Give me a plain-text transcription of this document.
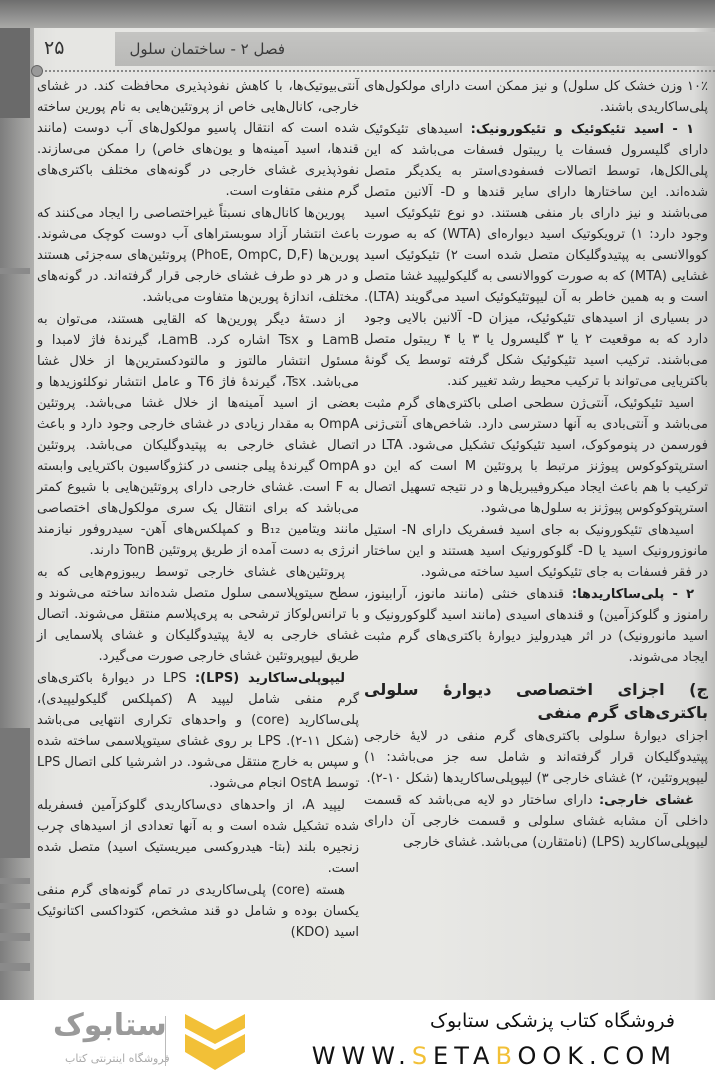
فصل ۲ - ساختمان سلول
۲۵

۱۰٪ وزن خشک کل سلول) و نیز ممکن است دارای مولکول‌های پلی‌ساکاریدی باشند.

۱ - اسید تئیکوئیک و تئیکورونیک: اسیدهای تئیکوئیک دارای گلیسرول فسفات یا ریبتول فسفات می‌باشد که این پلی‌الکل‌ها، توسط اتصالات فسفودی‌استر به یکدیگر متصل شده‌اند. این ساختارها دارای سایر قندها و D- آلانین متصل می‌باشند و نیز دارای بار منفی هستند. دو نوع تئیکوئیک اسید وجود دارد: ۱) ترویکوتیک اسید دیواره‌ای (WTA) که به صورت کووالانسی به پپتیدوگلیکان متصل شده است ۲) تئیکوئیک اسید غشایی (MTA) که به صورت کووالانسی به گلیکولیپید غشا متصل است و به همین خاطر به آن لیپوتئیکوئیک اسید می‌گویند (LTA). در بسیاری از اسیدهای تئیکوئیک، میزان D- آلانین بالایی وجود دارد که به موقعیت ۲ یا ۳ گلیسرول یا ۳ یا ۴ ریبتول متصل می‌باشند. ترکیب اسید تئیکوئیک شکل گرفته توسط یک گونهٔ باکتریایی می‌تواند با ترکیب محیط رشد تغییر کند.

اسید تئیکوئیک، آنتی‌ژن سطحی اصلی باکتری‌های گرم مثبت می‌باشد و آنتی‌بادی به آنها دسترسی دارد. شاخص‌های آنتی‌ژنی فورسمن در پنوموکوک، اسید تئیکوئیک تشکیل می‌شود. LTA در استرپتوکوکوس پیوژنز مرتبط با پروتئین M است که این دو ترکیب با هم باعث ایجاد میکروفیبریل‌ها و در نتیجه تسهیل اتصال استرپتوکوکوس پیوژنز به سلول‌ها می‌شود.

اسیدهای تئیکورونیک به جای اسید فسفریک دارای N- استیل مانوزورونیک اسید یا D- گلوکورونیک اسید هستند و این ساختار در فقر فسفات به جای تئیکوئیک اسید ساخته می‌شود.

۲ - پلی‌ساکاریدها: قندهای خنثی (مانند مانوز، آرابینوز، رامنوز و گلوکزآمین) و قندهای اسیدی (مانند اسید گلوکورونیک و اسید مانورونیک) در اثر هیدرولیز دیوارهٔ باکتری‌های گرم مثبت ایجاد می‌شوند.

ج) اجزای اختصاصی دیوارهٔ سلولی باکتری‌های گرم منفی

اجزای دیوارهٔ سلولی باکتری‌های گرم منفی در لایهٔ خارجی پپتیدوگلیکان قرار گرفته‌اند و شامل سه جز می‌باشد: ۱) لیپوپروتئین، ۲) غشای خارجی ۳) لیپوپلی‌ساکاریدها (شکل ۱۰-۲).

غشای خارجی: دارای ساختار دو لایه می‌باشد که قسمت داخلی آن مشابه غشای سلولی و قسمت خارجی آن دارای لیپوپلی‌ساکارید (LPS) (نامتقارن) می‌باشد. غشای خارجی

آنتی‌بیوتیک‌ها، با کاهش نفوذپذیری محافظت کند. در غشای خارجی، کانال‌هایی خاص از پروتئین‌هایی به نام پورین ساخته شده است که انتقال پاسیو مولکول‌های آب دوست (مانند قندها، اسید آمینه‌ها و یون‌های خاص) را ممکن می‌سازند. نفوذپذیری غشای خارجی در گونه‌های مختلف باکتری‌های گرم منفی متفاوت است.

پورین‌ها کانال‌های نسبتاً غیراختصاصی را ایجاد می‌کنند که باعث انتشار آزاد سوبستراهای آب دوست کوچک می‌شوند. پورین‌ها (PhoE, OmpC, D,F) پروتئین‌های سه‌جزئی هستند و در هر دو طرف غشای خارجی قرار گرفته‌اند. در گونه‌های مختلف، اندازهٔ پورین‌ها متفاوت می‌باشد.

از دستهٔ دیگر پورین‌ها که القایی هستند، می‌توان به LamB و Tsx اشاره کرد. LamB، گیرندهٔ فاژ لامبدا و مسئول انتشار مالتوز و مالتودکسترین‌ها از خلال غشا می‌باشد. Tsx، گیرندهٔ فاژ T6 و عامل انتشار نوکلئوزیدها و بعضی از اسید آمینه‌ها از خلال غشا می‌باشد. پروتئین OmpA به مقدار زیادی در غشای خارجی وجود دارد و باعث اتصال غشای خارجی به پپتیدوگلیکان می‌باشد. پروتئین OmpA گیرندهٔ پیلی جنسی در کنژوگاسیون باکتریایی وابسته به F است. غشای خارجی دارای پروتئین‌هایی با شیوع کمتر می‌باشد که برای انتقال یک سری مولکول‌های اختصاصی مانند ویتامین B₁₂ و کمپلکس‌های آهن- سیدروفور نیازمند انرژی به دست آمده از طریق پروتئین TonB دارند.

پروتئین‌های غشای خارجی توسط ریبوزوم‌هایی که به سطح سیتوپلاسمی سلول متصل شده‌اند ساخته می‌شوند و با ترانس‌لوکاز ترشحی به پری‌پلاسم منتقل می‌شوند. اتصال غشای خارجی به لایهٔ پپتیدوگلیکان و غشای پلاسمایی از طریق لیپوپروتئین غشای خارجی صورت می‌گیرد.

لیپوپلی‌ساکارید (LPS): LPS در دیوارهٔ باکتری‌های گرم منفی شامل لیپید A (کمپلکس گلیکولیپیدی)، پلی‌ساکارید (core) و واحدهای تکراری انتهایی می‌باشد (شکل ۱۱-۲). LPS بر روی غشای سیتوپلاسمی ساخته شده و سپس به خارج منتقل می‌شود. در اشرشیا کلی اتصال LPS توسط OstA انجام می‌شود.

لیپید A، از واحدهای دی‌ساکاریدی گلوکزآمین فسفریله شده تشکیل شده است و به آنها تعدادی از اسیدهای چرب زنجیره بلند (بتا- هیدروکسی میریستیک اسید) متصل شده است.

هسته (core) پلی‌ساکاریدی در تمام گونه‌های گرم منفی یکسان بوده و شامل دو قند مشخص، کتوداکسی اکتانوئیک اسید (KDO)

ستابوک
فروشگاه اینترنتی کتاب
فروشگاه کتاب پزشکی ستابوک
WWW.SETABOOK.COM
